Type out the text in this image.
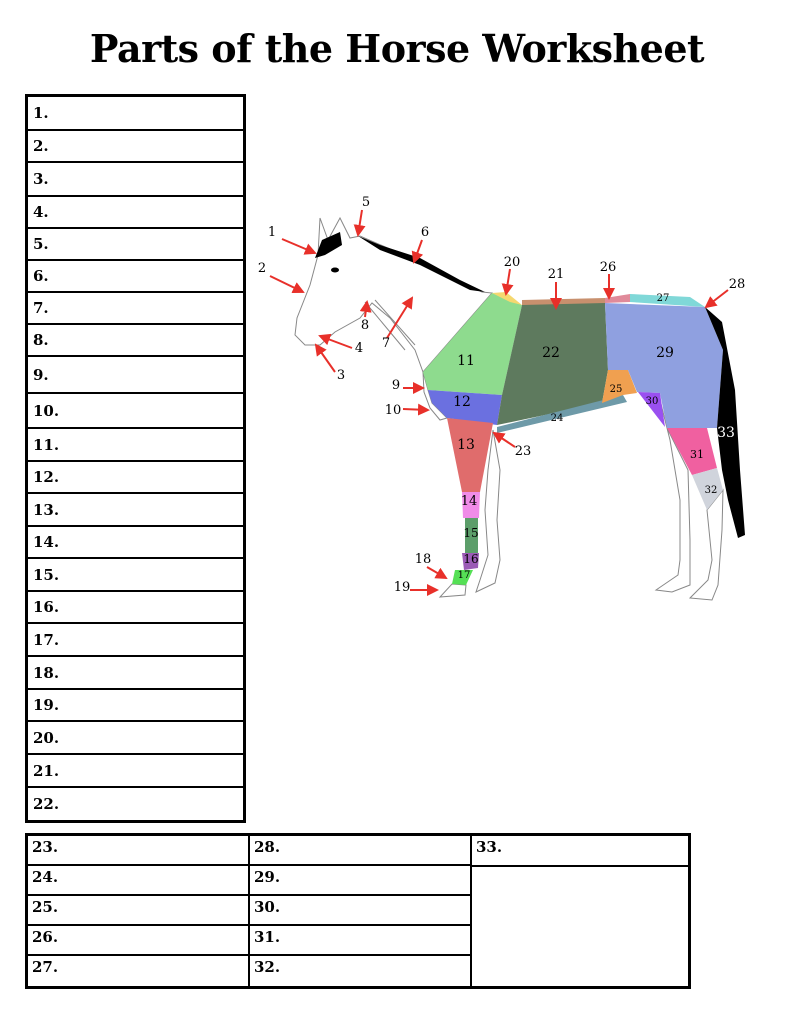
Parts of the Horse Worksheet
1.
2.
3.
4.
5.
6.
7.
8.
9.
10.
11.
12.
13.
14.
15.
16.
17.
18.
19.
20.
21.
22.
23.
24.
25.
26.
27.
28.
29.
30.
31.
32.
33.
1
2
3
4
5
6
7
8
9
10
18
19
20
21
23
26
28
11
12
13
14
15
16
17
22
24
25
27
29
30
31
32
33
